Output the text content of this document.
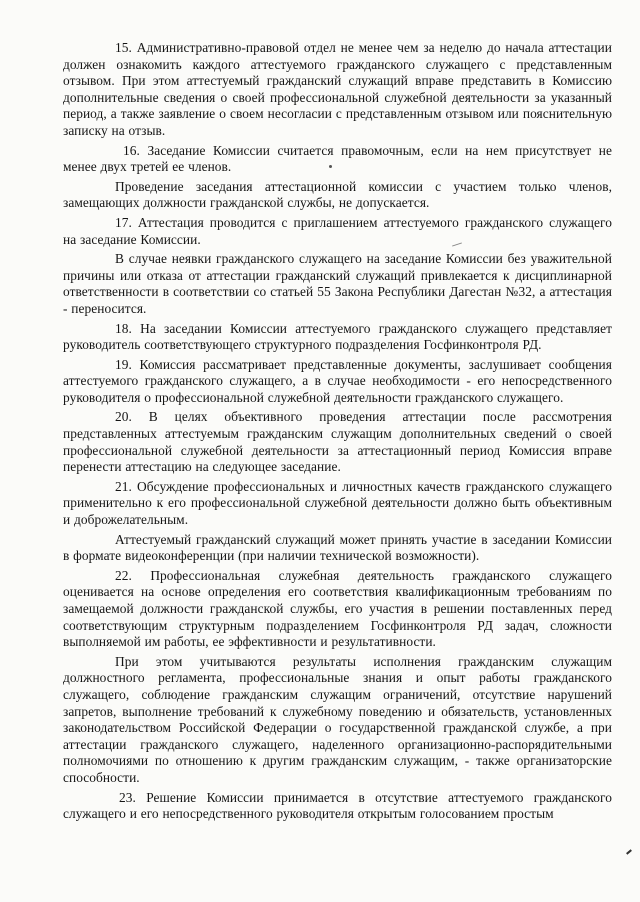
15. Административно-правовой отдел не менее чем за неделю до начала аттестации должен ознакомить каждого аттестуемого гражданского служащего с представленным отзывом. При этом аттестуемый гражданский служащий вправе представить в Комиссию дополнительные сведения о своей профессиональной служебной деятельности за указанный период, а также заявление о своем несогласии с представленным отзывом или пояснительную записку на отзыв.

16. Заседание Комиссии считается правомочным, если на нем присутствует не менее двух третей ее членов.

Проведение заседания аттестационной комиссии с участием только членов, замещающих должности гражданской службы, не допускается.

17. Аттестация проводится с приглашением аттестуемого гражданского служащего на заседание Комиссии.

В случае неявки гражданского служащего на заседание Комиссии без уважительной причины или отказа от аттестации гражданский служащий привлекается к дисциплинарной ответственности в соответствии со статьей 55 Закона Республики Дагестан №32, а аттестация - переносится.

18. На заседании Комиссии аттестуемого гражданского служащего представляет руководитель соответствующего структурного подразделения Госфинконтроля РД.

19. Комиссия рассматривает представленные документы, заслушивает сообщения аттестуемого гражданского служащего, а в случае необходимости - его непосредственного руководителя о профессиональной служебной деятельности гражданского служащего.

20. В целях объективного проведения аттестации после рассмотрения представленных аттестуемым гражданским служащим дополнительных сведений о своей профессиональной служебной деятельности за аттестационный период Комиссия вправе перенести аттестацию на следующее заседание.

21. Обсуждение профессиональных и личностных качеств гражданского служащего применительно к его профессиональной служебной деятельности должно быть объективным и доброжелательным.

Аттестуемый гражданский служащий может принять участие в заседании Комиссии в формате видеоконференции (при наличии технической возможности).

22. Профессиональная служебная деятельность гражданского служащего оценивается на основе определения его соответствия квалификационным требованиям по замещаемой должности гражданской службы, его участия в решении поставленных перед соответствующим структурным подразделением Госфинконтроля РД задач, сложности выполняемой им работы, ее эффективности и результативности.

При этом учитываются результаты исполнения гражданским служащим должностного регламента, профессиональные знания и опыт работы гражданского служащего, соблюдение гражданским служащим ограничений, отсутствие нарушений запретов, выполнение требований к служебному поведению и обязательств, установленных законодательством Российской Федерации о государственной гражданской службе, а при аттестации гражданского служащего, наделенного организационно-распорядительными полномочиями по отношению к другим гражданским служащим, - также организаторские способности.

23. Решение Комиссии принимается в отсутствие аттестуемого гражданского служащего и его непосредственного руководителя открытым голосованием простым
